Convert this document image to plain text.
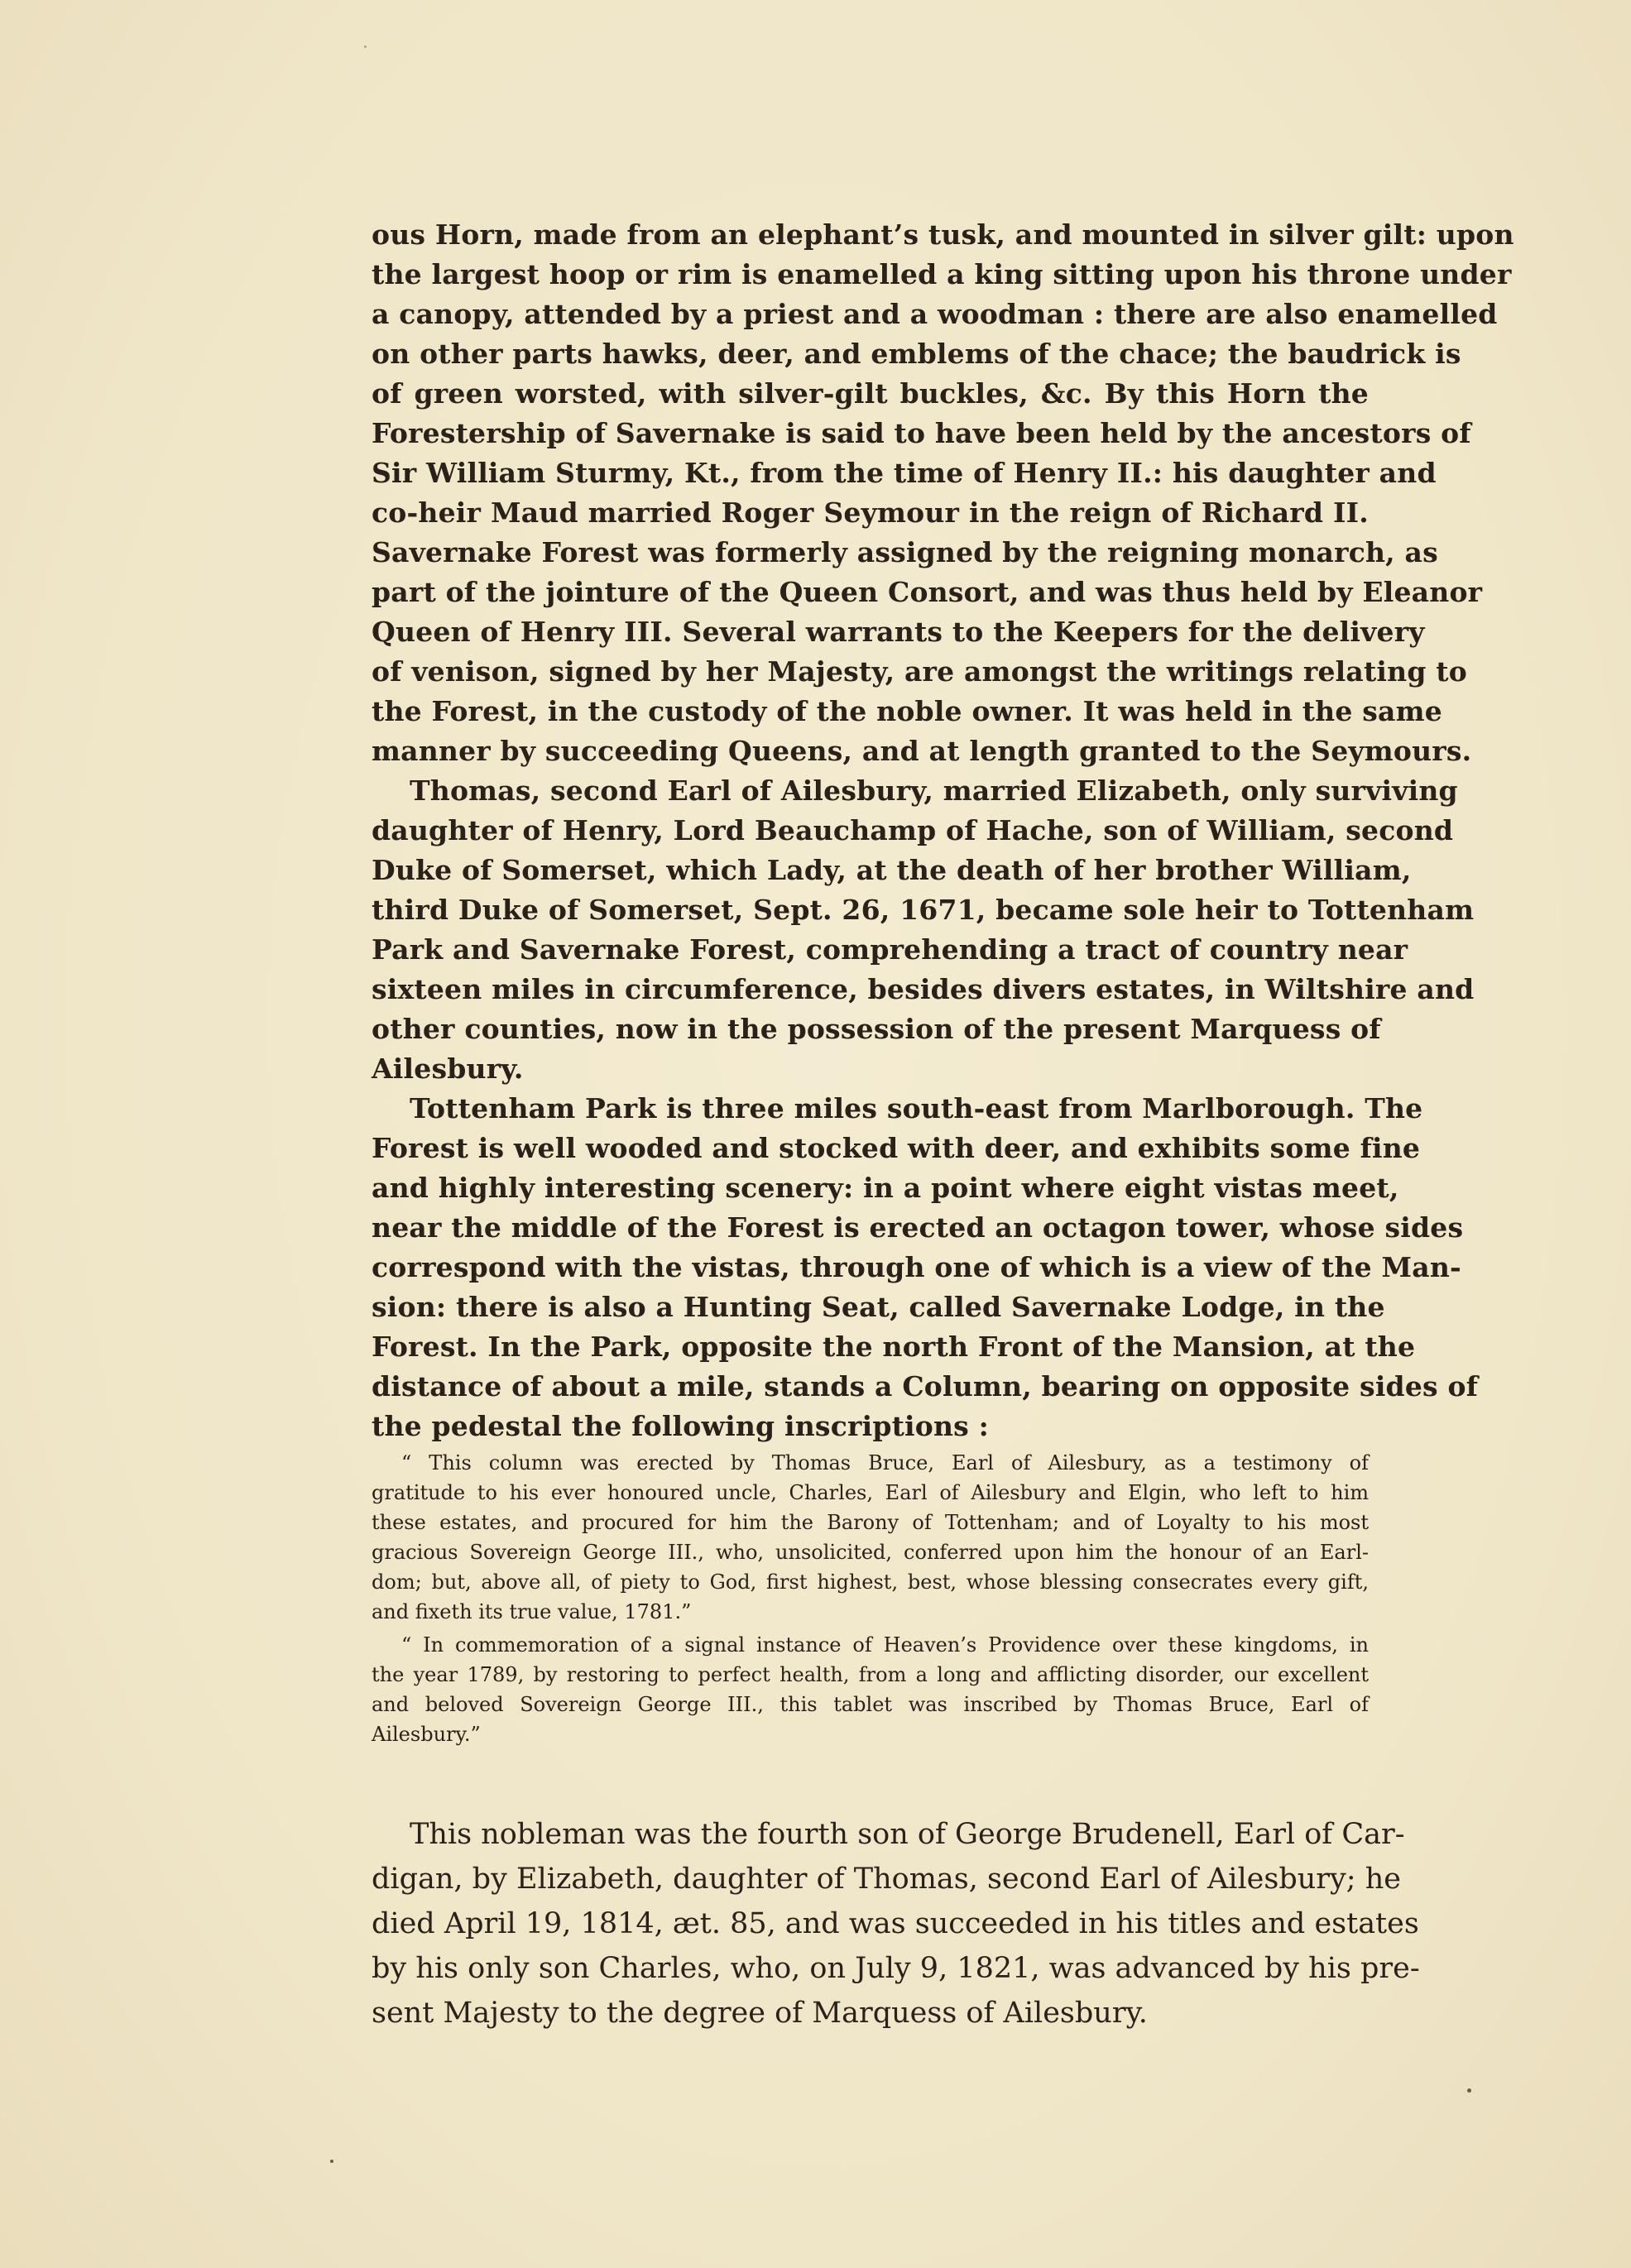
ous Horn, made from an elephant’s tusk, and mounted in silver gilt: upon
the largest hoop or rim is enamelled a king sitting upon his throne under
a canopy, attended by a priest and a woodman : there are also enamelled
on other parts hawks, deer, and emblems of the chace; the baudrick is
of green worsted, with silver-gilt buckles, &c. By this Horn the
Forestership of Savernake is said to have been held by the ancestors of
Sir William Sturmy, Kt., from the time of Henry II.: his daughter and
co-heir Maud married Roger Seymour in the reign of Richard II.
Savernake Forest was formerly assigned by the reigning monarch, as
part of the jointure of the Queen Consort, and was thus held by Eleanor
Queen of Henry III. Several warrants to the Keepers for the delivery
of venison, signed by her Majesty, are amongst the writings relating to
the Forest, in the custody of the noble owner. It was held in the same
manner by succeeding Queens, and at length granted to the Seymours.
Thomas, second Earl of Ailesbury, married Elizabeth, only surviving
daughter of Henry, Lord Beauchamp of Hache, son of William, second
Duke of Somerset, which Lady, at the death of her brother William,
third Duke of Somerset, Sept. 26, 1671, became sole heir to Tottenham
Park and Savernake Forest, comprehending a tract of country near
sixteen miles in circumference, besides divers estates, in Wiltshire and
other counties, now in the possession of the present Marquess of
Ailesbury.
Tottenham Park is three miles south-east from Marlborough. The
Forest is well wooded and stocked with deer, and exhibits some fine
and highly interesting scenery: in a point where eight vistas meet,
near the middle of the Forest is erected an octagon tower, whose sides
correspond with the vistas, through one of which is a view of the Man-
sion: there is also a Hunting Seat, called Savernake Lodge, in the
Forest. In the Park, opposite the north Front of the Mansion, at the
distance of about a mile, stands a Column, bearing on opposite sides of
the pedestal the following inscriptions :
“ This column was erected by Thomas Bruce, Earl of Ailesbury, as a testimony of
gratitude to his ever honoured uncle, Charles, Earl of Ailesbury and Elgin, who left to him
these estates, and procured for him the Barony of Tottenham; and of Loyalty to his most
gracious Sovereign George III., who, unsolicited, conferred upon him the honour of an Earl-
dom; but, above all, of piety to God, first highest, best, whose blessing consecrates every gift,
and fixeth its true value, 1781.”
“ In commemoration of a signal instance of Heaven’s Providence over these kingdoms, in
the year 1789, by restoring to perfect health, from a long and afflicting disorder, our excellent
and beloved Sovereign George III., this tablet was inscribed by Thomas Bruce, Earl of
Ailesbury.”
This nobleman was the fourth son of George Brudenell, Earl of Car-
digan, by Elizabeth, daughter of Thomas, second Earl of Ailesbury; he
died April 19, 1814, æt. 85, and was succeeded in his titles and estates
by his only son Charles, who, on July 9, 1821, was advanced by his pre-
sent Majesty to the degree of Marquess of Ailesbury.
